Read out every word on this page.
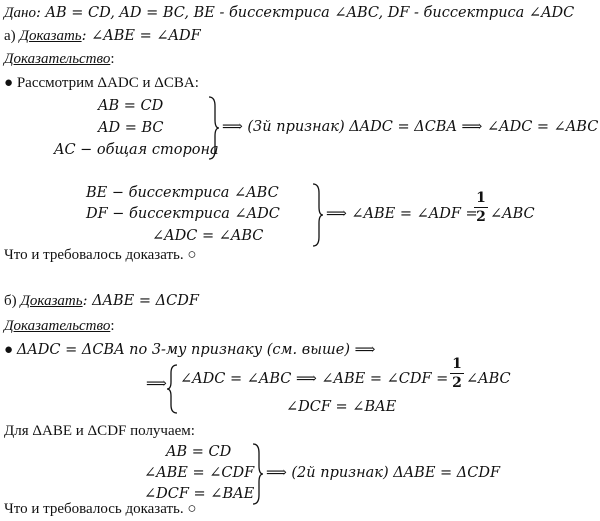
Дано: AB = CD, AD = BC, BE - биссектриса ∠ABC, DF - биссектриса ∠ADC
а) Доказать: ∠ABE = ∠ADF
Доказательство:
● Рассмотрим ΔADC и ΔCBA:
AB = CD
AD = BC
AC − общая сторона
⟹ (3й признак) ΔADC = ΔCBA ⟹ ∠ADC = ∠ABC
BE − биссектриса ∠ABC
DF − биссектриса ∠ADC
∠ADC = ∠ABC
⟹ ∠ABE = ∠ADF =
1
2 ∠ABC
Что и требовалось доказать. ○
б) Доказать: ΔABE = ΔCDF
Доказательство:
● ΔADC = ΔCBA по 3-му признаку (см. выше) ⟹
⟹ ∠ADC = ∠ABC ⟹ ∠ABE = ∠CDF =
1
2 ∠ABC
∠DCF = ∠BAE
Для ΔABE и ΔCDF получаем:
AB = CD
∠ABE = ∠CDF
∠DCF = ∠BAE
⟹ (2й признак) ΔABE = ΔCDF
Что и требовалось доказать. ○
